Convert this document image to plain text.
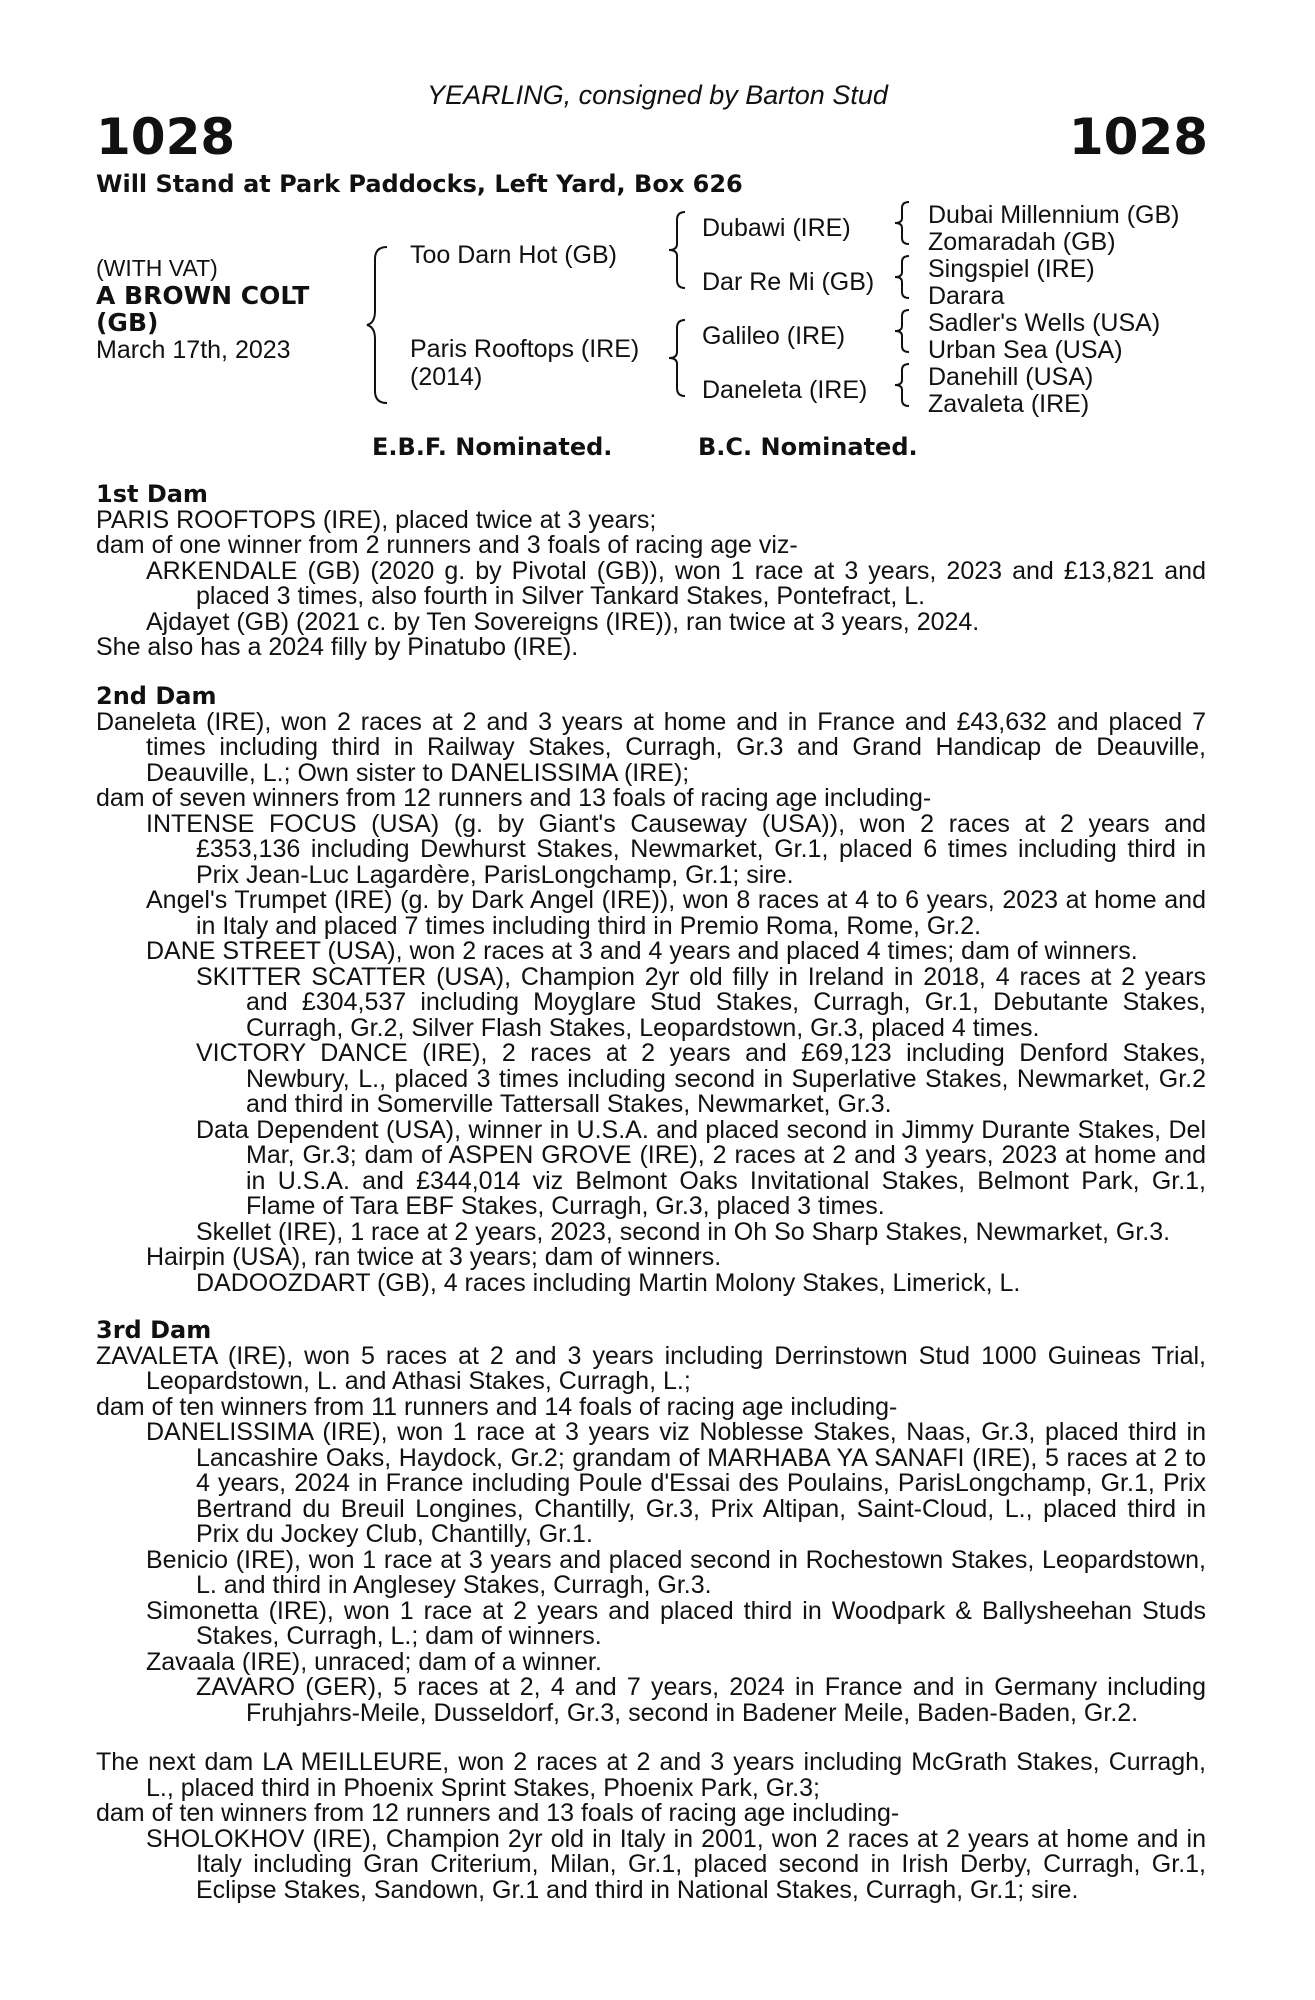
YEARLING, consigned by Barton Stud
1028	1028
Will Stand at Park Paddocks, Left Yard, Box 626
(WITH VAT)
A BROWN COLT
(GB)
March 17th, 2023
Too Darn Hot (GB)
Paris Rooftops (IRE)
(2014)
Dubawi (IRE)
Dar Re Mi (GB)
Galileo (IRE)
Daneleta (IRE)
Dubai Millennium (GB)
Zomaradah (GB)
Singspiel (IRE)
Darara
Sadler's Wells (USA)
Urban Sea (USA)
Danehill (USA)
Zavaleta (IRE)
E.B.F. Nominated.	B.C. Nominated.

1st Dam

PARIS ROOFTOPS (IRE), placed twice at 3 years;

dam of one winner from 2 runners and 3 foals of racing age viz-

ARKENDALE (GB) (2020 g. by Pivotal (GB)), won 1 race at 3 years, 2023 and £13,821 and placed 3 times, also fourth in Silver Tankard Stakes, Pontefract, L.

Ajdayet (GB) (2021 c. by Ten Sovereigns (IRE)), ran twice at 3 years, 2024.

She also has a 2024 filly by Pinatubo (IRE).

2nd Dam

Daneleta (IRE), won 2 races at 2 and 3 years at home and in France and £43,632 and placed 7 times including third in Railway Stakes, Curragh, Gr.3 and Grand Handicap de Deauville, Deauville, L.; Own sister to DANELISSIMA (IRE);

dam of seven winners from 12 runners and 13 foals of racing age including-

INTENSE FOCUS (USA) (g. by Giant's Causeway (USA)), won 2 races at 2 years and £353,136 including Dewhurst Stakes, Newmarket, Gr.1, placed 6 times including third in Prix Jean-Luc Lagardère, ParisLongchamp, Gr.1; sire.

Angel's Trumpet (IRE) (g. by Dark Angel (IRE)), won 8 races at 4 to 6 years, 2023 at home and in Italy and placed 7 times including third in Premio Roma, Rome, Gr.2.

DANE STREET (USA), won 2 races at 3 and 4 years and placed 4 times; dam of winners.

SKITTER SCATTER (USA), Champion 2yr old filly in Ireland in 2018, 4 races at 2 years and £304,537 including Moyglare Stud Stakes, Curragh, Gr.1, Debutante Stakes, Curragh, Gr.2, Silver Flash Stakes, Leopardstown, Gr.3, placed 4 times.

VICTORY DANCE (IRE), 2 races at 2 years and £69,123 including Denford Stakes, Newbury, L., placed 3 times including second in Superlative Stakes, Newmarket, Gr.2 and third in Somerville Tattersall Stakes, Newmarket, Gr.3.

Data Dependent (USA), winner in U.S.A. and placed second in Jimmy Durante Stakes, Del Mar, Gr.3; dam of ASPEN GROVE (IRE), 2 races at 2 and 3 years, 2023 at home and in U.S.A. and £344,014 viz Belmont Oaks Invitational Stakes, Belmont Park, Gr.1, Flame of Tara EBF Stakes, Curragh, Gr.3, placed 3 times.

Skellet (IRE), 1 race at 2 years, 2023, second in Oh So Sharp Stakes, Newmarket, Gr.3.

Hairpin (USA), ran twice at 3 years; dam of winners.

DADOOZDART (GB), 4 races including Martin Molony Stakes, Limerick, L.

3rd Dam

ZAVALETA (IRE), won 5 races at 2 and 3 years including Derrinstown Stud 1000 Guineas Trial, Leopardstown, L. and Athasi Stakes, Curragh, L.;

dam of ten winners from 11 runners and 14 foals of racing age including-

DANELISSIMA (IRE), won 1 race at 3 years viz Noblesse Stakes, Naas, Gr.3, placed third in Lancashire Oaks, Haydock, Gr.2; grandam of MARHABA YA SANAFI (IRE), 5 races at 2 to 4 years, 2024 in France including Poule d'Essai des Poulains, ParisLongchamp, Gr.1, Prix Bertrand du Breuil Longines, Chantilly, Gr.3, Prix Altipan, Saint-Cloud, L., placed third in Prix du Jockey Club, Chantilly, Gr.1.

Benicio (IRE), won 1 race at 3 years and placed second in Rochestown Stakes, Leopardstown, L. and third in Anglesey Stakes, Curragh, Gr.3.

Simonetta (IRE), won 1 race at 2 years and placed third in Woodpark & Ballysheehan Studs Stakes, Curragh, L.; dam of winners.

Zavaala (IRE), unraced; dam of a winner.

ZAVARO (GER), 5 races at 2, 4 and 7 years, 2024 in France and in Germany including Fruhjahrs-Meile, Dusseldorf, Gr.3, second in Badener Meile, Baden-Baden, Gr.2.

The next dam LA MEILLEURE, won 2 races at 2 and 3 years including McGrath Stakes, Curragh, L., placed third in Phoenix Sprint Stakes, Phoenix Park, Gr.3;

dam of ten winners from 12 runners and 13 foals of racing age including-

SHOLOKHOV (IRE), Champion 2yr old in Italy in 2001, won 2 races at 2 years at home and in Italy including Gran Criterium, Milan, Gr.1, placed second in Irish Derby, Curragh, Gr.1, Eclipse Stakes, Sandown, Gr.1 and third in National Stakes, Curragh, Gr.1; sire.
